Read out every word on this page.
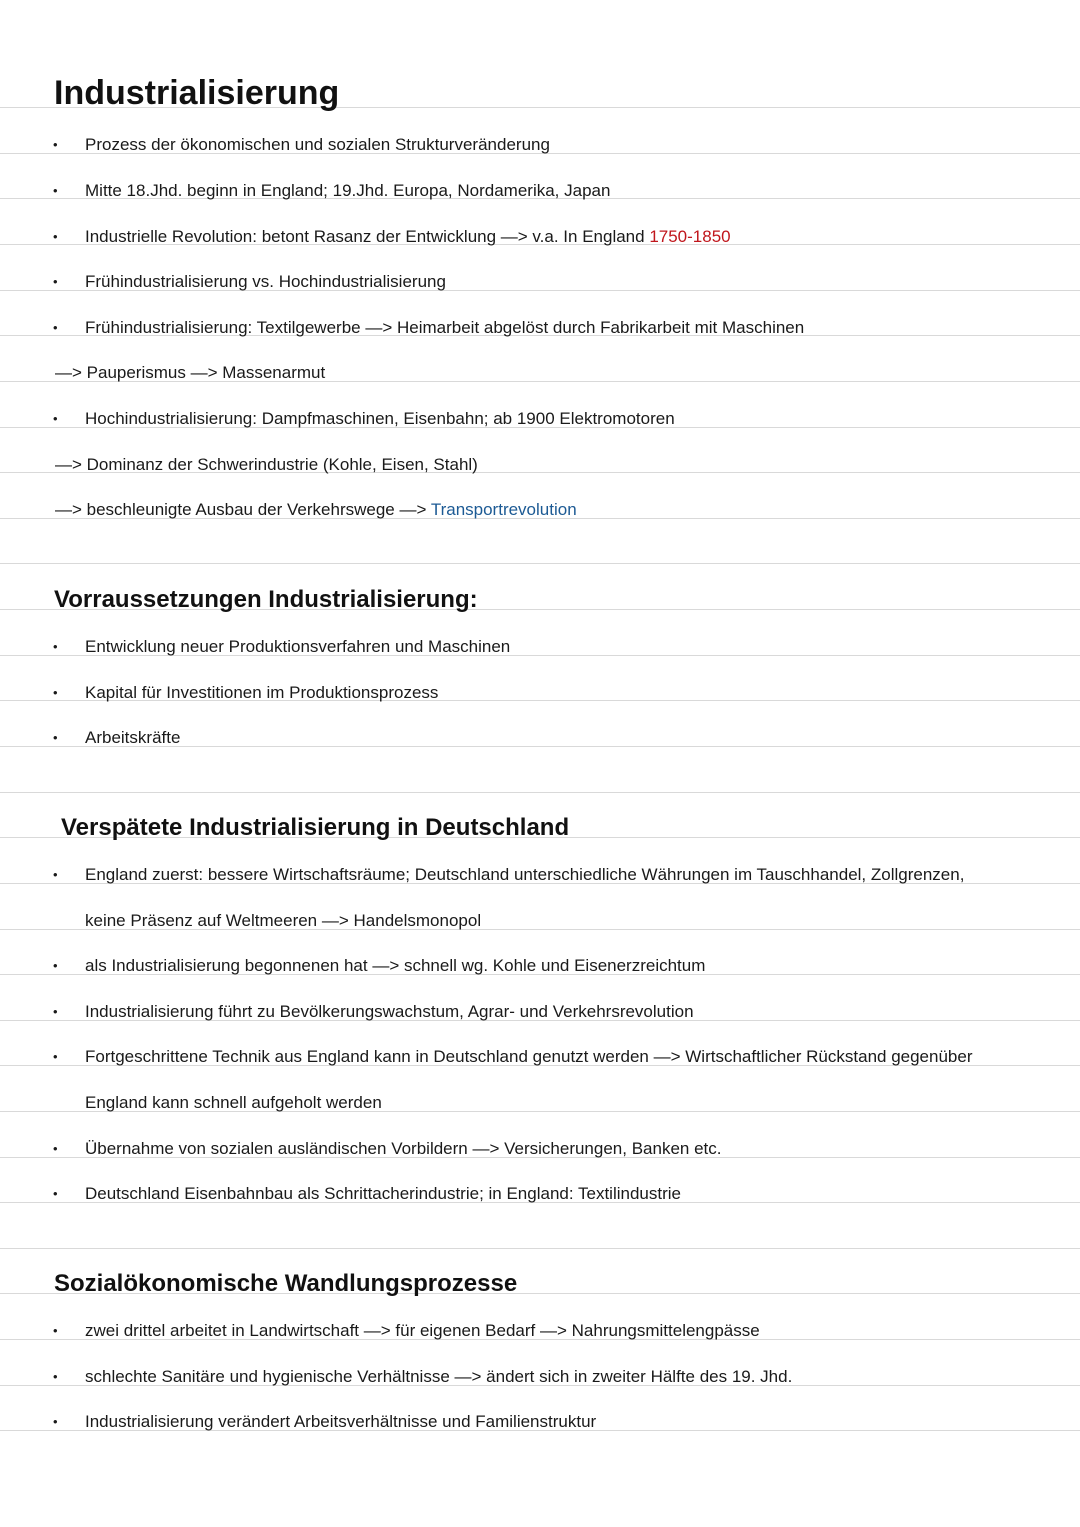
Industrialisierung
• Prozess der ökonomischen und sozialen Strukturveränderung
• Mitte 18.Jhd. beginn in England; 19.Jhd. Europa, Nordamerika, Japan
• Industrielle Revolution: betont Rasanz der Entwicklung —> v.a. In England 1750-1850
• Frühindustrialisierung vs. Hochindustrialisierung
• Frühindustrialisierung: Textilgewerbe —> Heimarbeit abgelöst durch Fabrikarbeit mit Maschinen
—> Pauperismus —> Massenarmut
• Hochindustrialisierung: Dampfmaschinen, Eisenbahn; ab 1900 Elektromotoren
—> Dominanz der Schwerindustrie (Kohle, Eisen, Stahl)
—> beschleunigte Ausbau der Verkehrswege —> Transportrevolution
Vorraussetzungen Industrialisierung:
• Entwicklung neuer Produktionsverfahren und Maschinen
• Kapital für Investitionen im Produktionsprozess
• Arbeitskräfte
Verspätete Industrialisierung in Deutschland
• England zuerst: bessere Wirtschaftsräume; Deutschland unterschiedliche Währungen im Tauschhandel, Zollgrenzen,
keine Präsenz auf Weltmeeren —> Handelsmonopol
• als Industrialisierung begonnenen hat —> schnell wg. Kohle und Eisenerzreichtum
• Industrialisierung führt zu Bevölkerungswachstum, Agrar- und Verkehrsrevolution
• Fortgeschrittene Technik aus England kann in Deutschland genutzt werden —> Wirtschaftlicher Rückstand gegenüber
England kann schnell aufgeholt werden
• Übernahme von sozialen ausländischen Vorbildern —> Versicherungen, Banken etc.
• Deutschland Eisenbahnbau als Schrittacherindustrie; in England: Textilindustrie
Sozialökonomische Wandlungsprozesse
• zwei drittel arbeitet in Landwirtschaft —> für eigenen Bedarf —> Nahrungsmittelengpässe
• schlechte Sanitäre und hygienische Verhältnisse —> ändert sich in zweiter Hälfte des 19. Jhd.
• Industrialisierung verändert Arbeitsverhältnisse und Familienstruktur
